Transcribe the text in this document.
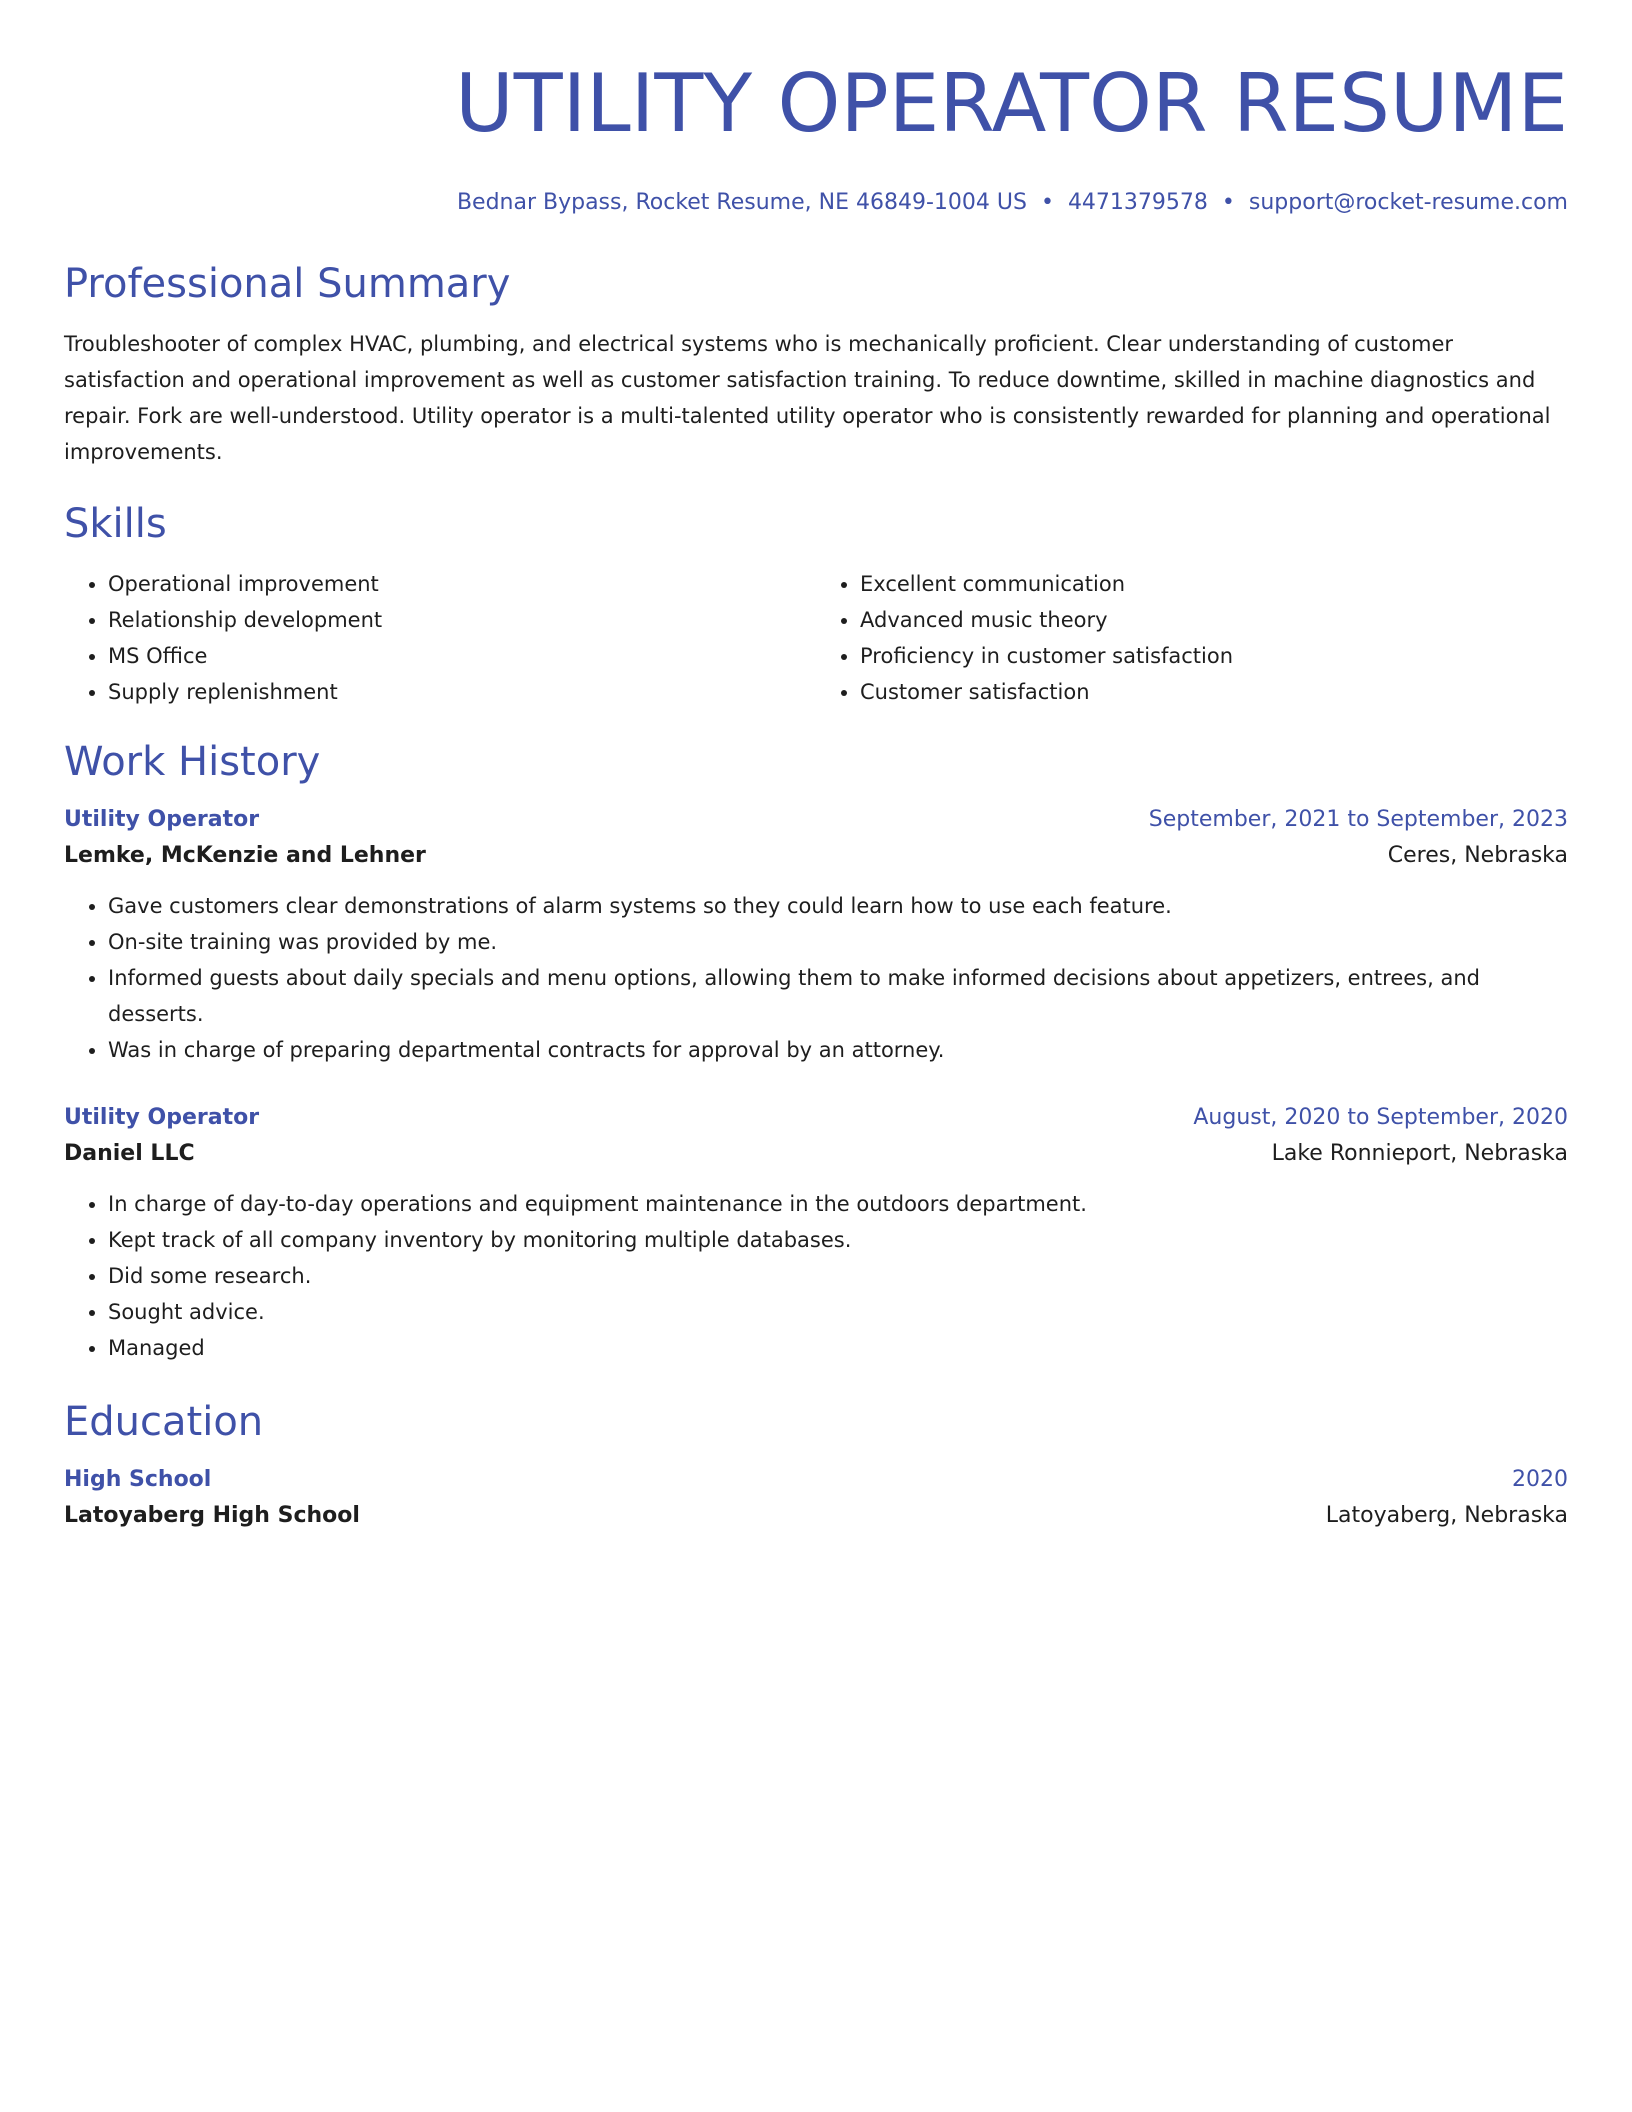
UTILITY OPERATOR RESUME
Bednar Bypass, Rocket Resume, NE 46849-1004 US • 4471379578 • support@rocket-resume.com
Professional Summary
Troubleshooter of complex HVAC, plumbing, and electrical systems who is mechanically proficient. Clear understanding of customer satisfaction and operational improvement as well as customer satisfaction training. To reduce downtime, skilled in machine diagnostics and repair. Fork are well-understood. Utility operator is a multi-talented utility operator who is consistently rewarded for planning and operational improvements.
Skills
• Operational improvement
• Relationship development
• MS Office
• Supply replenishment
• Excellent communication
• Advanced music theory
• Proficiency in customer satisfaction
• Customer satisfaction
Work History
Utility Operator	September, 2021 to September, 2023
Lemke, McKenzie and Lehner	Ceres, Nebraska
• Gave customers clear demonstrations of alarm systems so they could learn how to use each feature.
• On-site training was provided by me.
• Informed guests about daily specials and menu options, allowing them to make informed decisions about appetizers, entrees, and desserts.
• Was in charge of preparing departmental contracts for approval by an attorney.
Utility Operator	August, 2020 to September, 2020
Daniel LLC	Lake Ronnieport, Nebraska
• In charge of day-to-day operations and equipment maintenance in the outdoors department.
• Kept track of all company inventory by monitoring multiple databases.
• Did some research.
• Sought advice.
• Managed
Education
High School	2020
Latoyaberg High School	Latoyaberg, Nebraska
